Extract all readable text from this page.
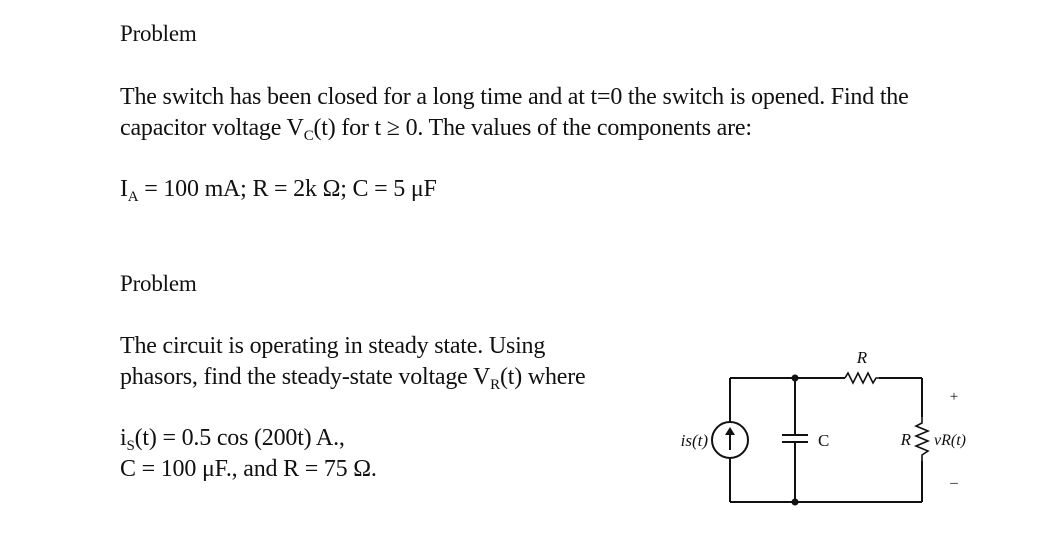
Problem
The switch has been closed for a long time and at t=0 the switch is opened. Find the
capacitor voltage $V_C(t)$ for t ≥ 0. The values of the components are:
$I_A = 100$ mA; R = 2k Ω; C = 5 μF
Problem
The circuit is operating in steady state. Using
phasors, find the steady-state voltage $V_R(t)$ where
$i_S(t) = 0.5$ cos (200t) A.,
C = 100 μF., and R = 75 Ω.
is(t)	C
R
R vR(t)
+
–
